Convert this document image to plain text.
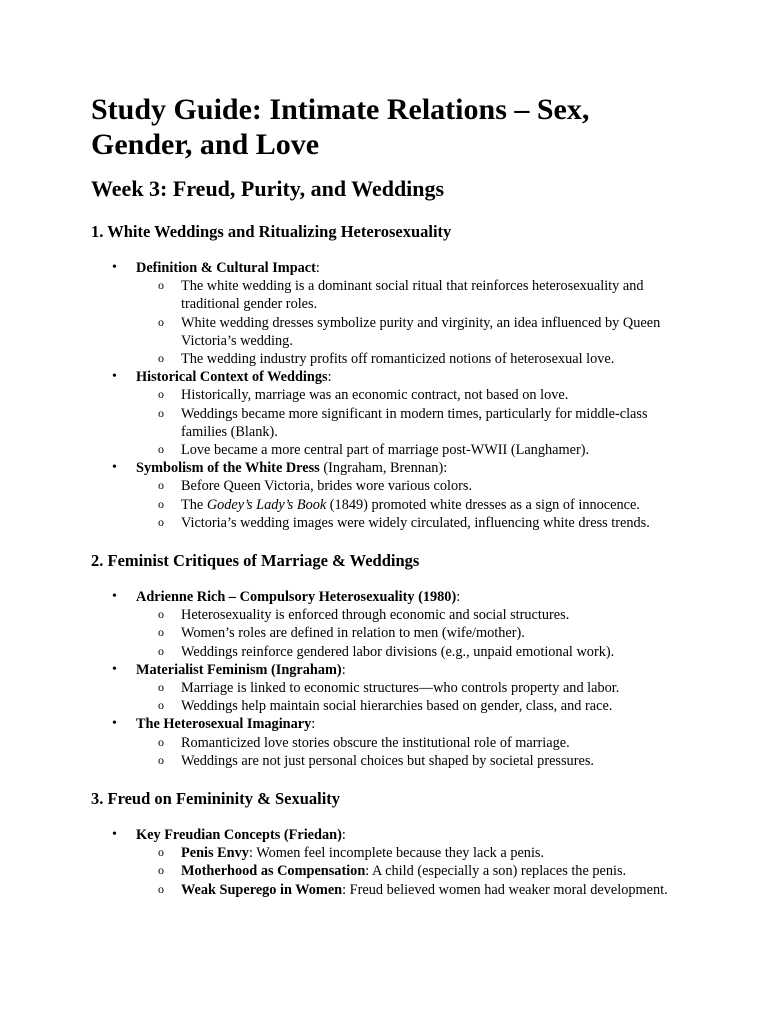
Study Guide: Intimate Relations – Sex, Gender, and Love
Week 3: Freud, Purity, and Weddings
1. White Weddings and Ritualizing Heterosexuality
• Definition & Cultural Impact:
o The white wedding is a dominant social ritual that reinforces heterosexuality and traditional gender roles.
o White wedding dresses symbolize purity and virginity, an idea influenced by Queen Victoria’s wedding.
o The wedding industry profits off romanticized notions of heterosexual love.
• Historical Context of Weddings:
o Historically, marriage was an economic contract, not based on love.
o Weddings became more significant in modern times, particularly for middle-class families (Blank).
o Love became a more central part of marriage post-WWII (Langhamer).
• Symbolism of the White Dress (Ingraham, Brennan):
o Before Queen Victoria, brides wore various colors.
o The Godey’s Lady’s Book (1849) promoted white dresses as a sign of innocence.
o Victoria’s wedding images were widely circulated, influencing white dress trends.
2. Feminist Critiques of Marriage & Weddings
• Adrienne Rich – Compulsory Heterosexuality (1980):
o Heterosexuality is enforced through economic and social structures.
o Women’s roles are defined in relation to men (wife/mother).
o Weddings reinforce gendered labor divisions (e.g., unpaid emotional work).
• Materialist Feminism (Ingraham):
o Marriage is linked to economic structures—who controls property and labor.
o Weddings help maintain social hierarchies based on gender, class, and race.
• The Heterosexual Imaginary:
o Romanticized love stories obscure the institutional role of marriage.
o Weddings are not just personal choices but shaped by societal pressures.
3. Freud on Femininity & Sexuality
• Key Freudian Concepts (Friedan):
o Penis Envy: Women feel incomplete because they lack a penis.
o Motherhood as Compensation: A child (especially a son) replaces the penis.
o Weak Superego in Women: Freud believed women had weaker moral development.
